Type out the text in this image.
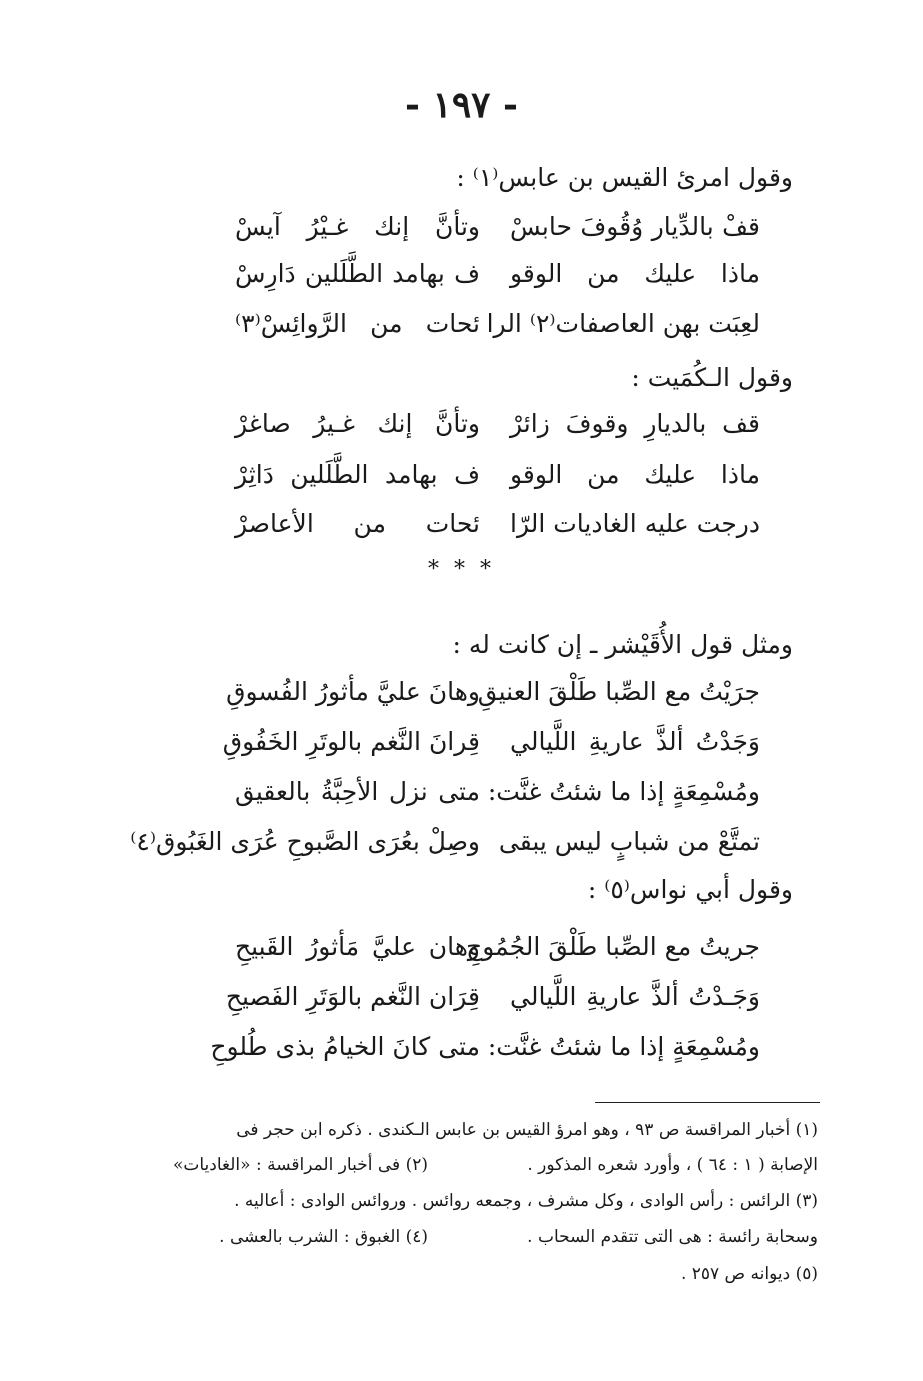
- ١٩٧ -
وقول امرئ القيس بن عابس⁽١⁾ :
قفْ بالدِّيار وُقُوفَ حابسْ
وتأنَّ إنك غـيْرُ آيسْ
ماذا عليك من الوقو
ف بهامد الطَّلَلين دَارِسْ
لعِبَت بهن العاصفات⁽٢⁾ الرا
ئحات من الرَّوائِسْ⁽٣⁾
وقول الـكُمَيت :
قف بالديارِ وقوفَ زائرْ
وتأنَّ إنك غـيرُ صاغرْ
ماذا عليك من الوقو
ف بهامد الطَّلَلين دَاثِرْ
درجت عليه الغاديات الرّا
ئحات من الأعاصرْ
* * *
ومثل قول الأُقَيْشر ـ إن كانت له :
جرَيْتُ مع الصِّبا طَلْقَ العنيقِ
وهانَ عليَّ مأثورُ الفُسوقِ
وَجَدْتُ ألذَّ عاريةِ اللَّيالي
قِرانَ النَّغم بالوتَرِ الخَفُوقِ
ومُسْمِعَةٍ إذا ما شئتُ غنَّت:
متى نزل الأحِبَّةُ بالعقيق
تمتَّعْ من شبابٍ ليس يبقى
وصِلْ بعُرَى الصَّبوحِ عُرَى الغَبُوق⁽٤⁾
وقول أبي نواس⁽٥⁾ :
جريتُ مع الصِّبا طَلْقَ الجُمُوحِ
وهان عليَّ مَأثورُ القَبيحِ
وَجَـدْتُ ألذَّ عاريةِ اللَّيالي
قِرَان النَّغم بالوَتَرِ الفَصيحِ
ومُسْمِعَةٍ إذا ما شئتُ غنَّت:
متى كانَ الخيامُ بذى طُلوحِ
(١) أخبار المراقسة ص ٩٣ ، وهو امرؤ القيس بن عابس الـكندى . ذكره ابن حجر فى
الإصابة ( ١ : ٦٤ ) ، وأورد شعره المذكور .
(٢) فى أخبار المراقسة : «الغاديات»
(٣) الرائس : رأس الوادى ، وكل مشرف ، وجمعه روائس . وروائس الوادى : أعاليه .
وسحابة رائسة : هى التى تتقدم السحاب .
(٤) الغبوق : الشرب بالعشى .
(٥) ديوانه ص ٢٥٧ .
